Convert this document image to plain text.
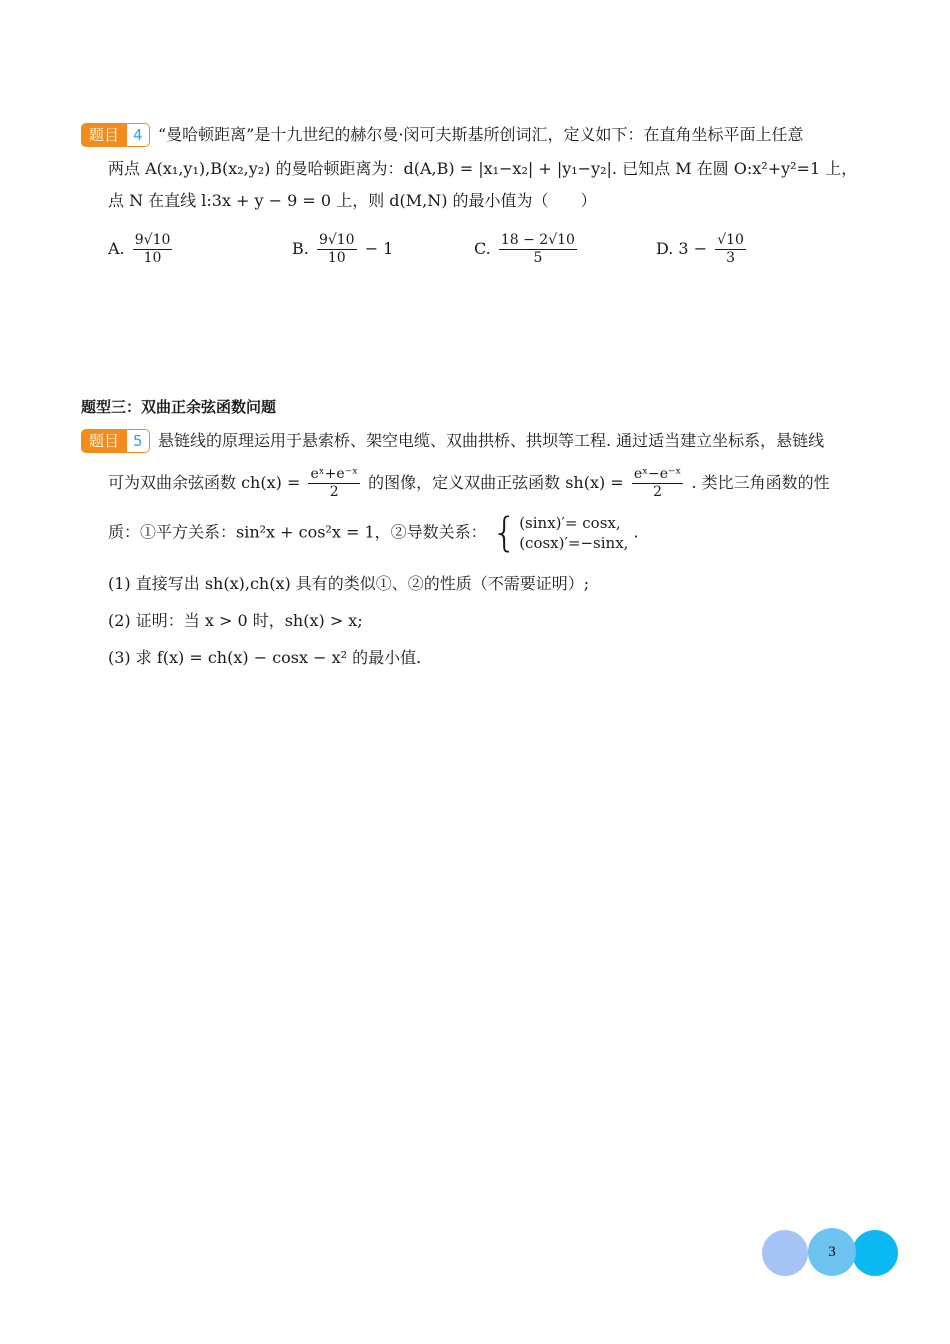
题目 4 “曼哈顿距离”是十九世纪的赫尔曼·闵可夫斯基所创词汇，定义如下：在直角坐标平面上任意
两点 A(x₁,y₁),B(x₂,y₂) 的曼哈顿距离为：d(A,B) = |x₁−x₂| + |y₁−y₂|. 已知点 M 在圆 O:x²+y²=1 上，
点 N 在直线 l:3x + y − 9 = 0 上，则 d(M,N) 的最小值为（　　）
A. $\frac{9√10}{10}$	B. $\frac{9√10}{10} - 1$	C. $\frac{18 - 2√10}{5}$	D. $3 - \frac{√10}{3}$
题型三：双曲正余弦函数问题
题目 5 悬链线的原理运用于悬索桥、架空电缆、双曲拱桥、拱坝等工程. 通过适当建立坐标系，悬链线
可为双曲余弦函数 $ch(x) = \frac{\text{eˣ+e⁻ˣ}}{2}$ 的图像，定义双曲正弦函数 $sh(x) = \frac{\text{eˣ−e⁻ˣ}}{2}$ . 类比三角函数的性
质：①平方关系：sin²x + cos²x = 1，②导数关系： { (sinx)′= cosx,
(cosx)′=−sinx,
.
(1) 直接写出 sh(x),ch(x) 具有的类似①、②的性质（不需要证明）;
(2) 证明：当 x > 0 时，sh(x) > x;
(3) 求 f(x) = ch(x) − cosx − x² 的最小值.
3
